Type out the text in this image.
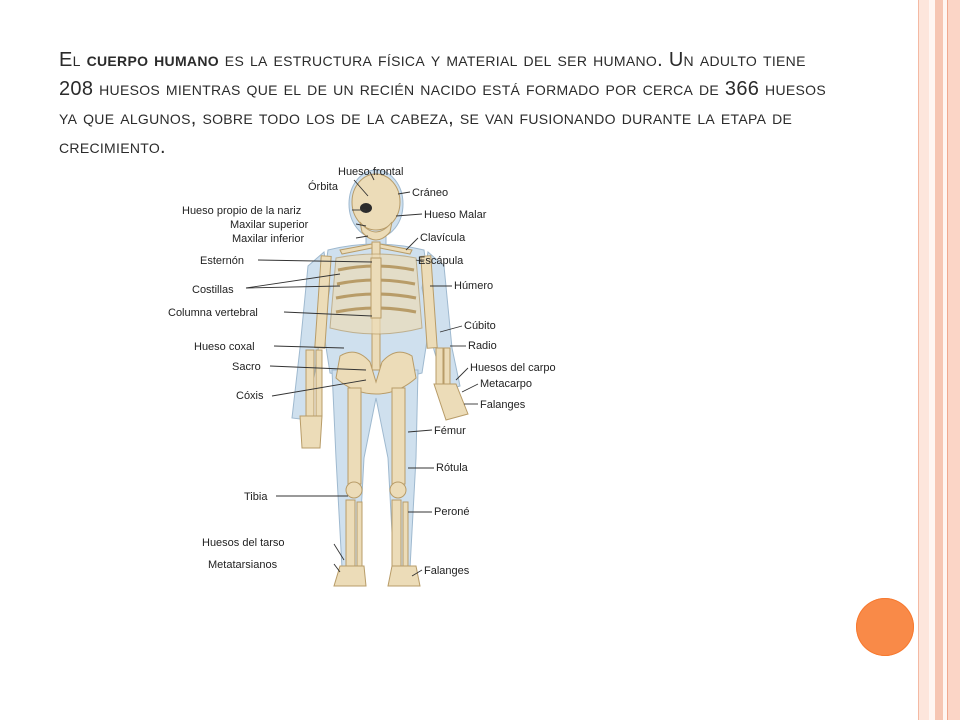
El cuerpo humano es la estructura física y material del ser humano. Un adulto tiene 208 huesos mientras que el de un recién nacido está formado por cerca de 366 huesos ya que algunos, sobre todo los de la cabeza, se van fusionando durante la etapa de crecimiento.

Órbita
Hueso propio de la nariz
Maxilar superior
Maxilar inferior
Esternón
Costillas
Columna vertebral
Hueso coxal
Sacro
Cóxis
Tibia
Huesos del tarso
Metatarsianos
Hueso frontal
Cráneo
Hueso Malar
Clavícula
Escápula
Húmero
Cúbito
Radio
Huesos del carpo
Metacarpo
Falanges
Fémur
Rótula
Peroné
Falanges
